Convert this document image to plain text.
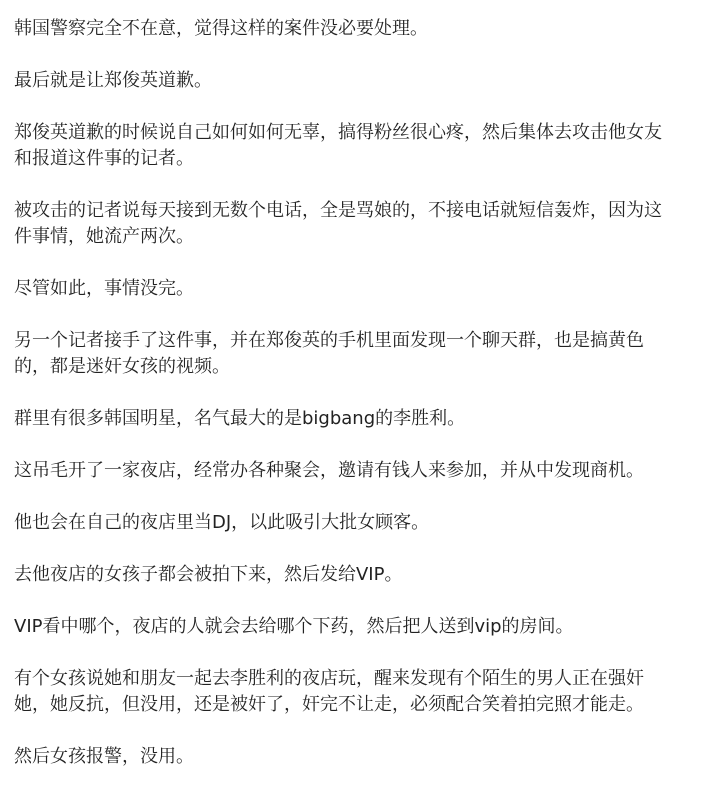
韩国警察完全不在意，觉得这样的案件没必要处理。

最后就是让郑俊英道歉。

郑俊英道歉的时候说自己如何如何无辜，搞得粉丝很心疼，然后集体去攻击他女友
和报道这件事的记者。

被攻击的记者说每天接到无数个电话，全是骂娘的，不接电话就短信轰炸，因为这
件事情，她流产两次。

尽管如此，事情没完。

另一个记者接手了这件事，并在郑俊英的手机里面发现一个聊天群，也是搞黄色
的，都是迷奸女孩的视频。

群里有很多韩国明星，名气最大的是bigbang的李胜利。

这吊毛开了一家夜店，经常办各种聚会，邀请有钱人来参加，并从中发现商机。

他也会在自己的夜店里当DJ，以此吸引大批女顾客。

去他夜店的女孩子都会被拍下来，然后发给VIP。

VIP看中哪个，夜店的人就会去给哪个下药，然后把人送到vip的房间。

有个女孩说她和朋友一起去李胜利的夜店玩，醒来发现有个陌生的男人正在强奸
她，她反抗，但没用，还是被奸了，奸完不让走，必须配合笑着拍完照才能走。

然后女孩报警，没用。
